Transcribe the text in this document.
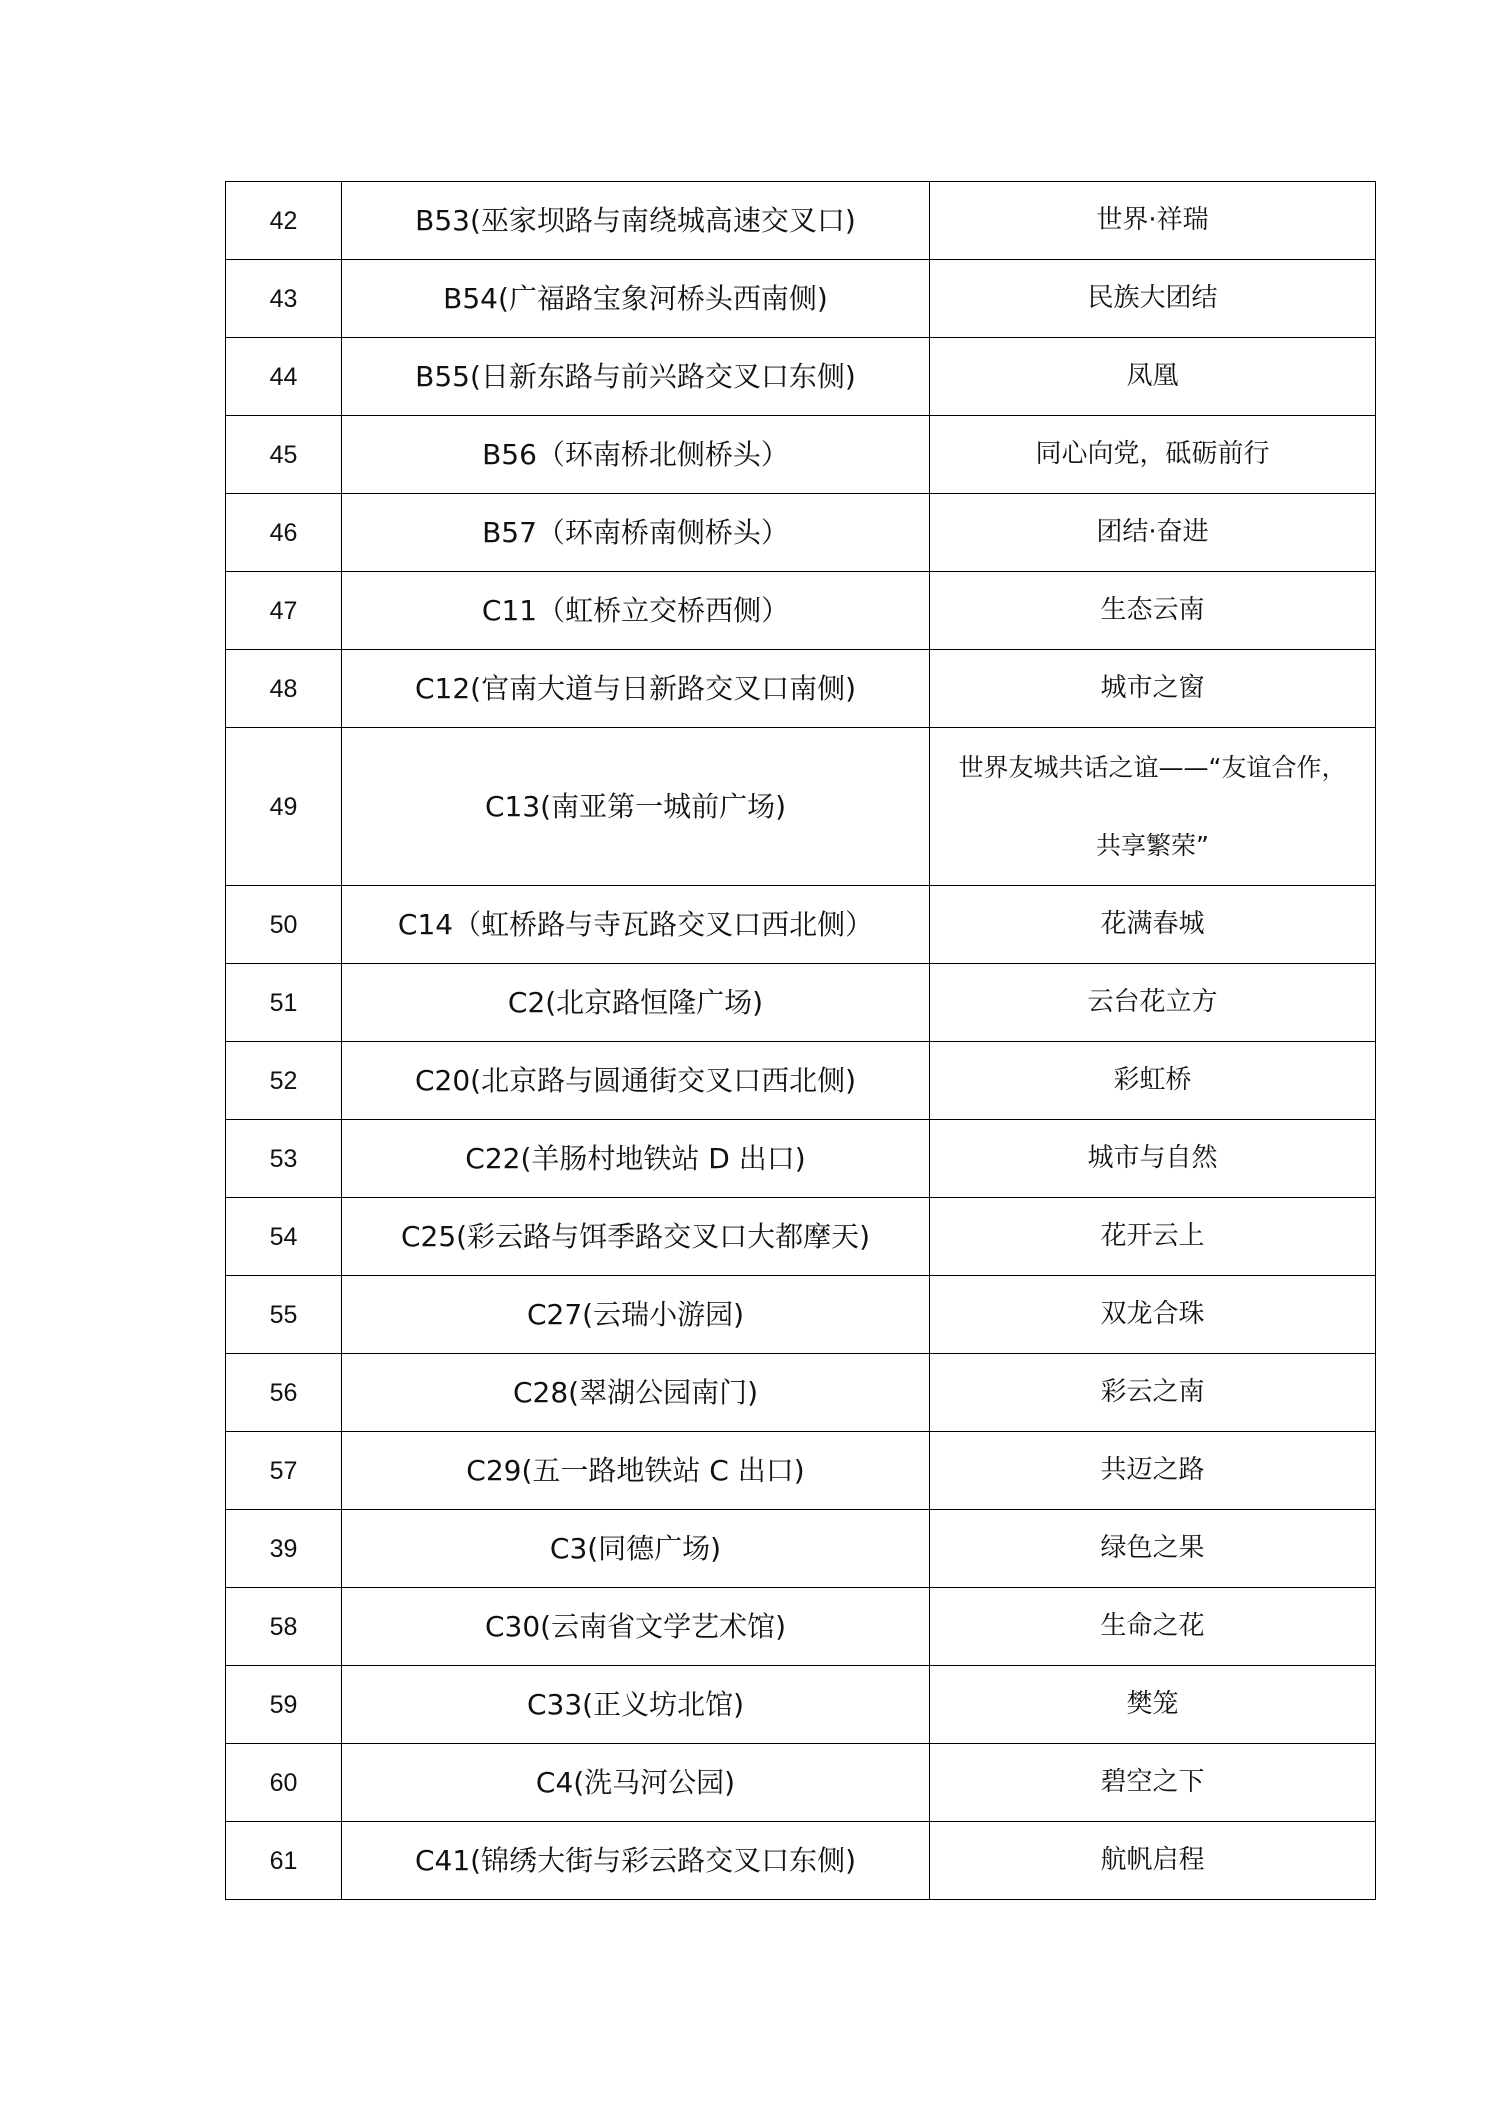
42	B53(巫家坝路与南绕城高速交叉口)	世界·祥瑞
43	B54(广福路宝象河桥头西南侧)	民族大团结
44	B55(日新东路与前兴路交叉口东侧)	凤凰
45	B56（环南桥北侧桥头）	同心向党，砥砺前行
46	B57（环南桥南侧桥头）	团结·奋进
47	C11（虹桥立交桥西侧）	生态云南
48	C12(官南大道与日新路交叉口南侧)	城市之窗
49	C13(南亚第一城前广场)	世界友城共话之谊——“友谊合作，
共享繁荣”

50	C14（虹桥路与寺瓦路交叉口西北侧）	花满春城
51	C2(北京路恒隆广场)	云台花立方
52	C20(北京路与圆通街交叉口西北侧)	彩虹桥
53	C22(羊肠村地铁站 D 出口)	城市与自然
54	C25(彩云路与饵季路交叉口大都摩天)	花开云上
55	C27(云瑞小游园)	双龙合珠
56	C28(翠湖公园南门)	彩云之南
57	C29(五一路地铁站 C 出口)	共迈之路
39	C3(同德广场)	绿色之果
58	C30(云南省文学艺术馆)	生命之花
59	C33(正义坊北馆)	樊笼
60	C4(洗马河公园)	碧空之下
61	C41(锦绣大街与彩云路交叉口东侧)	航帆启程
